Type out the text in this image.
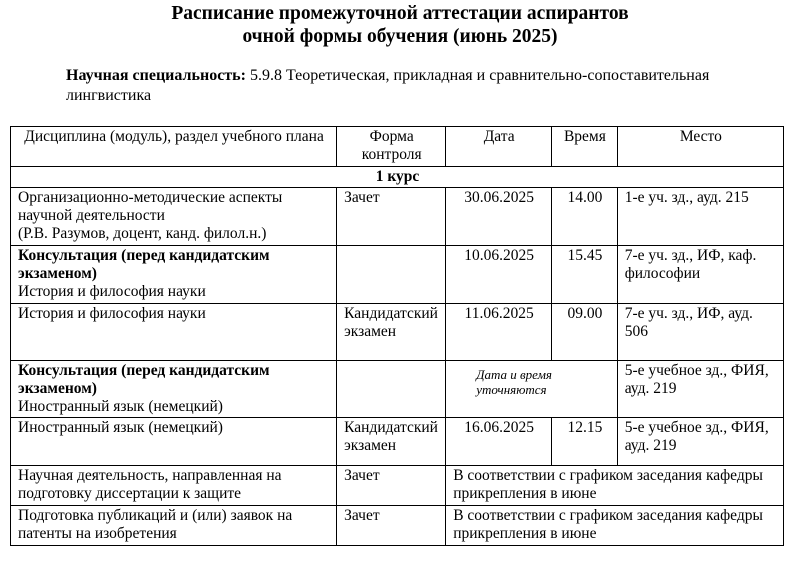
Расписание промежуточной аттестации аспирантов
очной формы обучения (июнь 2025)
Научная специальность: 5.9.8 Теоретическая, прикладная и сравнительно-сопоставительная лингвистика
Дисциплина (модуль), раздел учебного плана	Форма контроля	Дата	Время	Место
1 курс				

Организационно-методические аспекты научной деятельности
(Р.В. Разумов, доцент, канд. филол.н.)	Зачет	30.06.2025	14.00	1-е уч. зд., ауд. 215

Консультация (перед кандидатским экзаменом)
История и философия науки		10.06.2025	15.45	7-е уч. зд., ИФ, каф. философии
История и философия науки	Кандидатский экзамен	11.06.2025	09.00	7-е уч. зд., ИФ, ауд. 506

Консультация (перед кандидатским экзаменом)
Иностранный язык (немецкий)		Дата и время уточняются		5-е учебное зд., ФИЯ, ауд. 219
Иностранный язык (немецкий)	Кандидатский экзамен	16.06.2025	12.15	5-е учебное зд., ФИЯ, ауд. 219
Научная деятельность, направленная на подготовку диссертации к защите	Зачет	В соответствии с графиком заседания кафедры прикрепления в июне		
Подготовка публикаций и (или) заявок на патенты на изобретения	Зачет	В соответствии с графиком заседания кафедры прикрепления в июне		
